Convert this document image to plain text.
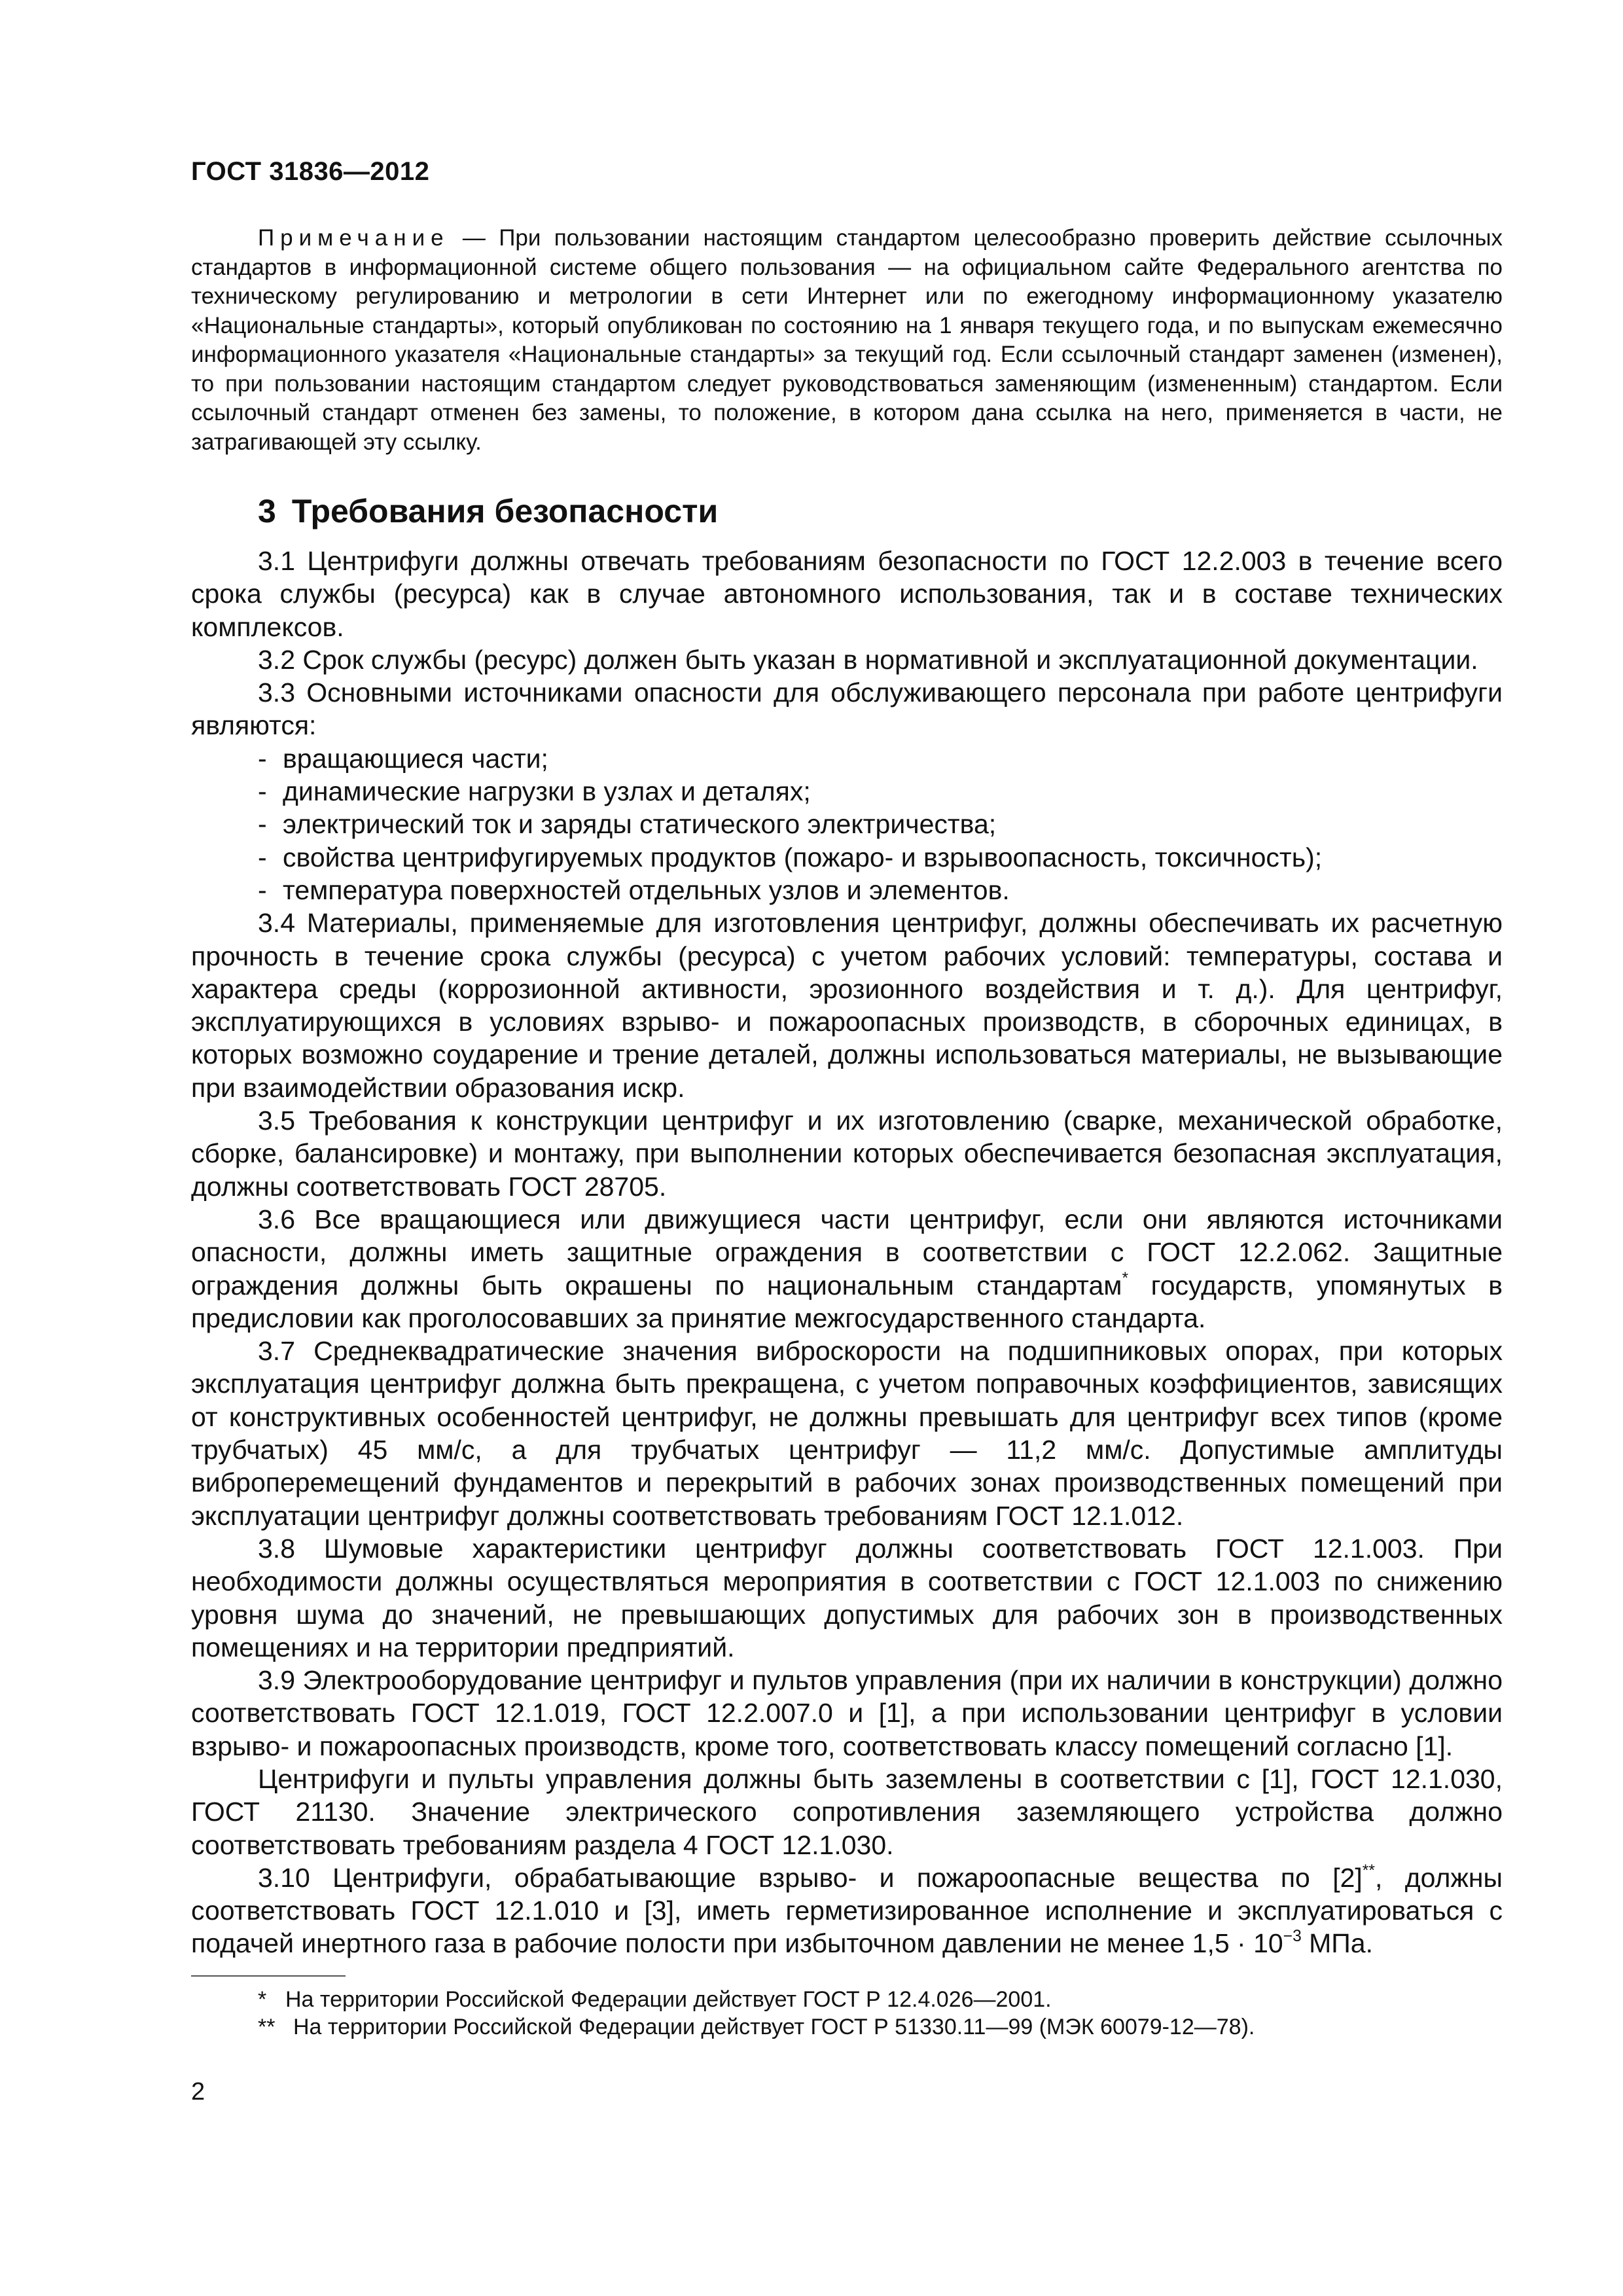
ГОСТ 31836—2012

Примечание — При пользовании настоящим стандартом целесообразно проверить действие ссылочных стандартов в информационной системе общего пользования — на официальном сайте Федерального агентства по техническому регулированию и метрологии в сети Интернет или по ежегодному информационному указателю «Национальные стандарты», который опубликован по состоянию на 1 января текущего года, и по выпускам ежемесячно информационного указателя «Национальные стандарты» за текущий год. Если ссылочный стандарт заменен (изменен), то при пользовании настоящим стандартом следует руководствоваться заменяющим (измененным) стандартом. Если ссылочный стандарт отменен без замены, то положение, в котором дана ссылка на него, применяется в части, не затрагивающей эту ссылку.

3 Требования безопасности

3.1 Центрифуги должны отвечать требованиям безопасности по ГОСТ 12.2.003 в течение всего срока службы (ресурса) как в случае автономного использования, так и в составе технических комплексов.

3.2 Срок службы (ресурс) должен быть указан в нормативной и эксплуатационной документации.

3.3 Основными источниками опасности для обслуживающего персонала при работе центрифуги являются:

- вращающиеся части;

- динамические нагрузки в узлах и деталях;

- электрический ток и заряды статического электричества;

- свойства центрифугируемых продуктов (пожаро- и взрывоопасность, токсичность);

- температура поверхностей отдельных узлов и элементов.

3.4 Материалы, применяемые для изготовления центрифуг, должны обеспечивать их расчетную прочность в течение срока службы (ресурса) с учетом рабочих условий: температуры, состава и характера среды (коррозионной активности, эрозионного воздействия и т. д.). Для центрифуг, эксплуатирующихся в условиях взрыво- и пожароопасных производств, в сборочных единицах, в которых возможно соударение и трение деталей, должны использоваться материалы, не вызывающие при взаимодействии образования искр.

3.5 Требования к конструкции центрифуг и их изготовлению (сварке, механической обработке, сборке, балансировке) и монтажу, при выполнении которых обеспечивается безопасная эксплуатация, должны соответствовать ГОСТ 28705.

3.6 Все вращающиеся или движущиеся части центрифуг, если они являются источниками опасности, должны иметь защитные ограждения в соответствии с ГОСТ 12.2.062. Защитные ограждения должны быть окрашены по национальным стандартам* государств, упомянутых в предисловии как проголосовавших за принятие межгосударственного стандарта.

3.7 Среднеквадратические значения виброскорости на подшипниковых опорах, при которых эксплуатация центрифуг должна быть прекращена, с учетом поправочных коэффициентов, зависящих от конструктивных особенностей центрифуг, не должны превышать для центрифуг всех типов (кроме трубчатых) 45 мм/с, а для трубчатых центрифуг — 11,2 мм/с. Допустимые амплитуды виброперемещений фундаментов и перекрытий в рабочих зонах производственных помещений при эксплуатации центрифуг должны соответствовать требованиям ГОСТ 12.1.012.

3.8 Шумовые характеристики центрифуг должны соответствовать ГОСТ 12.1.003. При необходимости должны осуществляться мероприятия в соответствии с ГОСТ 12.1.003 по снижению уровня шума до значений, не превышающих допустимых для рабочих зон в производственных помещениях и на территории предприятий.

3.9 Электрооборудование центрифуг и пультов управления (при их наличии в конструкции) должно соответствовать ГОСТ 12.1.019, ГОСТ 12.2.007.0 и [1], а при использовании центрифуг в условии взрыво- и пожароопасных производств, кроме того, соответствовать классу помещений согласно [1].

Центрифуги и пульты управления должны быть заземлены в соответствии с [1], ГОСТ 12.1.030, ГОСТ 21130. Значение электрического сопротивления заземляющего устройства должно соответствовать требованиям раздела 4 ГОСТ 12.1.030.

3.10 Центрифуги, обрабатывающие взрыво- и пожароопасные вещества по [2]**, должны соответствовать ГОСТ 12.1.010 и [3], иметь герметизированное исполнение и эксплуатироваться с подачей инертного газа в рабочие полости при избыточном давлении не менее $1,5 \cdot 10^{-3}$ МПа.

* На территории Российской Федерации действует ГОСТ Р 12.4.026—2001.

** На территории Российской Федерации действует ГОСТ Р 51330.11—99 (МЭК 60079-12—78).

2
